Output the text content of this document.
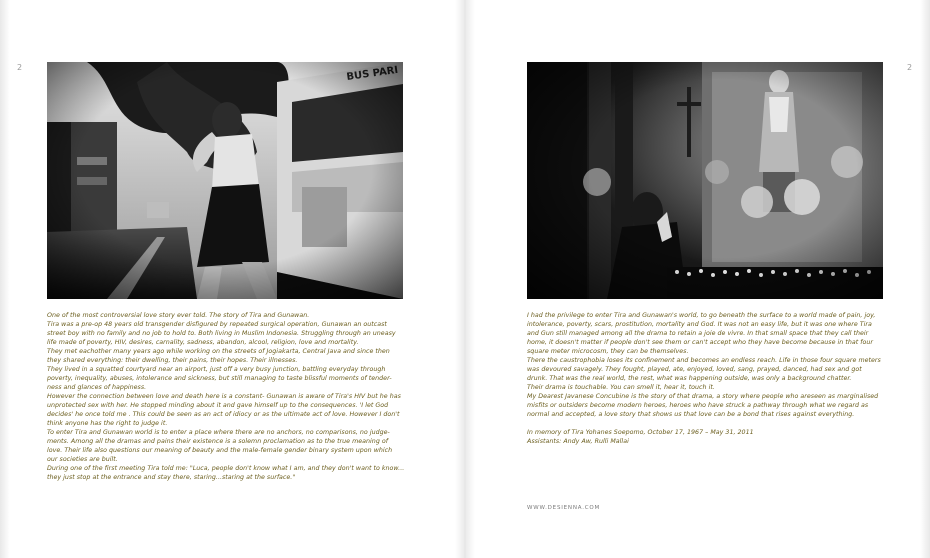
2	2

One of the most controversial love story ever told. The story of Tira and Gunawan.

Tira was a pre-op 48 years old transgender disfigured by repeated surgical operation, Gunawan an outcast

street boy with no family and no job to hold to. Both living in Muslim Indonesia. Struggling through an uneasy

life made of poverty, HIV, desires, carnality, sadness, abandon, alcool, religion, love and mortality.

They met eachother many years ago while working on the streets of Jogiakarta, Central Java and since then

they shared everything: their dwelling, their pains, their hopes. Their illnesses.

They lived in a squatted courtyard near an airport, just off a very busy junction, battling everyday through

poverty, inequality, abuses, intolerance and sickness, but still managing to taste blissful moments of tender-

ness and glances of happiness.

However the connection between love and death here is a constant- Gunawan is aware of Tira's HIV but he has

unprotected sex with her. He stopped minding about it and gave himself up to the consequences. 'I let God

decides' he once told me . This could be seen as an act of idiocy or as the ultimate act of love. However I don't

think anyone has the right to judge it.

To enter Tira and Gunawan world is to enter a place where there are no anchors, no comparisons, no judge-

ments. Among all the dramas and pains their existence is a solemn proclamation as to the true meaning of

love. Their life also questions our meaning of beauty and the male-female gender binary system upon which

our societies are built.

During one of the first meeting Tira told me: "Luca, people don't know what I am, and they don't want to know...

they just stop at the entrance and stay there, staring...staring at the surface."

I had the privilege to enter Tira and Gunawan's world, to go beneath the surface to a world made of pain, joy,

intolerance, poverty, scars, prostitution, mortality and God. It was not an easy life, but it was one where Tira

and Gun still managed among all the drama to retain a joie de vivre. In that small space that they call their

home, it doesn't matter if people don't see them or can't accept who they have become because in that four

square meter microcosm, they can be themselves.

There the caustrophobia loses its confinement and becomes an endless reach. Life in those four square meters

was devoured savagely. They fought, played, ate, enjoyed, loved, sang, prayed, danced, had sex and got

drunk. That was the real world, the rest, what was happening outside, was only a background chatter.

Their drama is touchable. You can smell it, hear it, touch it.

My Dearest Javanese Concubine is the story of that drama, a story where people who areseen as marginalised

misfits or outsiders become modern heroes, heroes who have struck a pathway through what we regard as

normal and accepted, a love story that shows us that love can be a bond that rises against everything.

In memory of Tira Yohanes Soepomo, October 17, 1967 – May 31, 2011

Assistants: Andy Aw, Rulli Mallai

WWW.DESIENNA.COM
